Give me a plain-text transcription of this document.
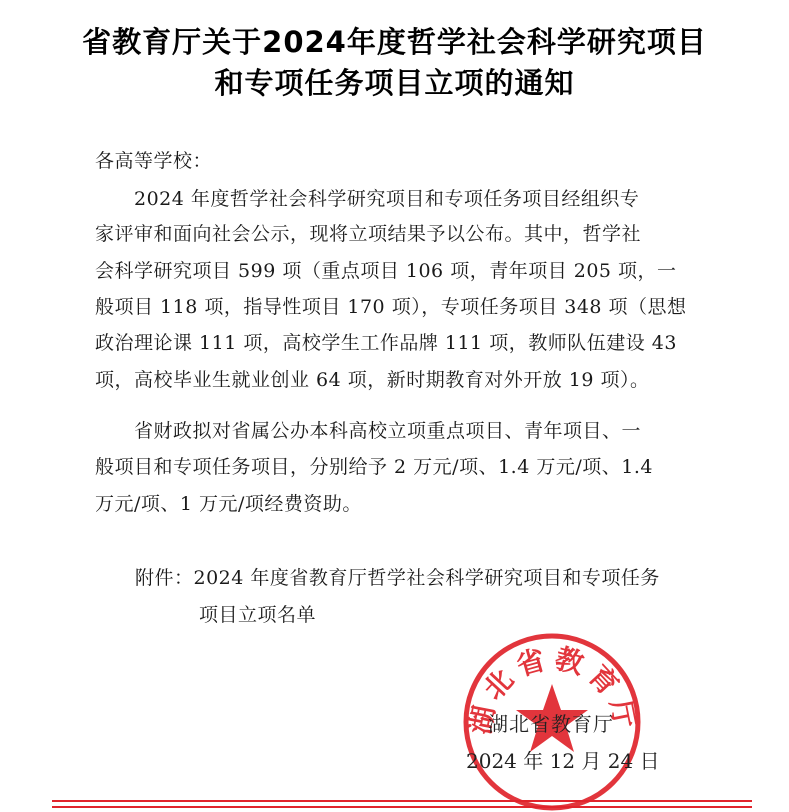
省教育厅关于2024年度哲学社会科学研究项目
和专项任务项目立项的通知
各高等学校：
　　2024 年度哲学社会科学研究项目和专项任务项目经组织专
家评审和面向社会公示，现将立项结果予以公布。其中，哲学社
会科学研究项目 599 项（重点项目 106 项，青年项目 205 项，一
般项目 118 项，指导性项目 170 项），专项任务项目 348 项（思想
政治理论课 111 项，高校学生工作品牌 111 项，教师队伍建设 43
项，高校毕业生就业创业 64 项，新时期教育对外开放 19 项）。
　　省财政拟对省属公办本科高校立项重点项目、青年项目、一
般项目和专项任务项目，分别给予 2 万元/项、1.4 万元/项、1.4
万元/项、1 万元/项经费资助。
附件：2024 年度省教育厅哲学社会科学研究项目和专项任务
项目立项名单
湖北省教育厅
湖北省教育厅
2024 年 12 月 24 日
